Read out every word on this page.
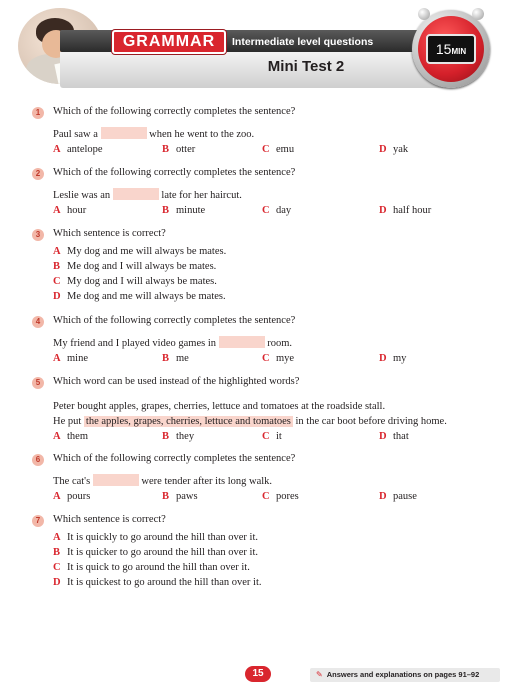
GRAMMAR	Intermediate level questions
Mini Test 2
15MIN
1	Which of the following correctly completes the sentence?
Paul saw a	when he went to the zoo.
A antelope	B otter	C emu	D yak
2	Which of the following correctly completes the sentence?
Leslie was an	late for her haircut.
A hour	B minute	C day	D half hour
3	Which sentence is correct?
A My dog and me will always be mates.
B Me dog and I will always be mates.
C My dog and I will always be mates.
D Me dog and me will always be mates.
4	Which of the following correctly completes the sentence?
My friend and I played video games in	room.
A mine	B me	C mye	D my
5	Which word can be used instead of the highlighted words?
Peter bought apples, grapes, cherries, lettuce and tomatoes at the roadside stall.
He put the apples, grapes, cherries, lettuce and tomatoes in the car boot before driving home.
A them	B they	C it	D that
6	Which of the following correctly completes the sentence?
The cat's	were tender after its long walk.
A pours	B paws	C pores	D pause
7	Which sentence is correct?
A It is quickly to go around the hill than over it.
B It is quicker to go around the hill than over it.
C It is quick to go around the hill than over it.
D It is quickest to go around the hill than over it.
15	✎ Answers and explanations on pages 91–92
